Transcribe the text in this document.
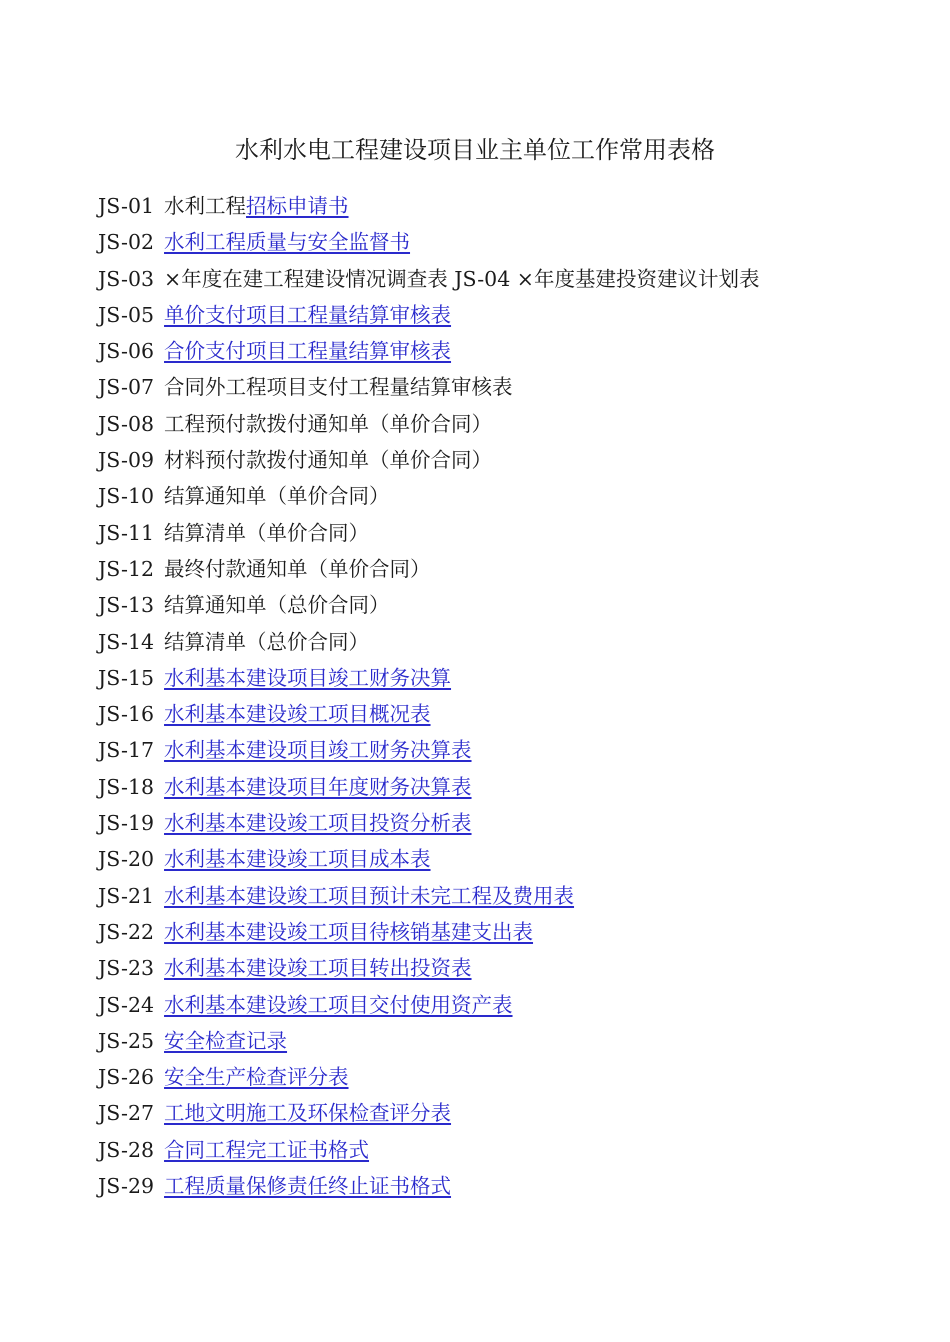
水利水电工程建设项目业主单位工作常用表格
JS-01 水利工程招标申请书
JS-02 水利工程质量与安全监督书
JS-03 ×年度在建工程建设情况调查表 JS-04 ×年度基建投资建议计划表
JS-05 单价支付项目工程量结算审核表
JS-06 合价支付项目工程量结算审核表
JS-07 合同外工程项目支付工程量结算审核表
JS-08 工程预付款拨付通知单（单价合同）
JS-09 材料预付款拨付通知单（单价合同）
JS-10 结算通知单（单价合同）
JS-11 结算清单（单价合同）
JS-12 最终付款通知单（单价合同）
JS-13 结算通知单（总价合同）
JS-14 结算清单（总价合同）
JS-15 水利基本建设项目竣工财务决算
JS-16 水利基本建设竣工项目概况表
JS-17 水利基本建设项目竣工财务决算表
JS-18 水利基本建设项目年度财务决算表
JS-19 水利基本建设竣工项目投资分析表
JS-20 水利基本建设竣工项目成本表
JS-21 水利基本建设竣工项目预计未完工程及费用表
JS-22 水利基本建设竣工项目待核销基建支出表
JS-23 水利基本建设竣工项目转出投资表
JS-24 水利基本建设竣工项目交付使用资产表
JS-25 安全检查记录
JS-26 安全生产检查评分表
JS-27 工地文明施工及环保检查评分表
JS-28 合同工程完工证书格式
JS-29 工程质量保修责任终止证书格式
